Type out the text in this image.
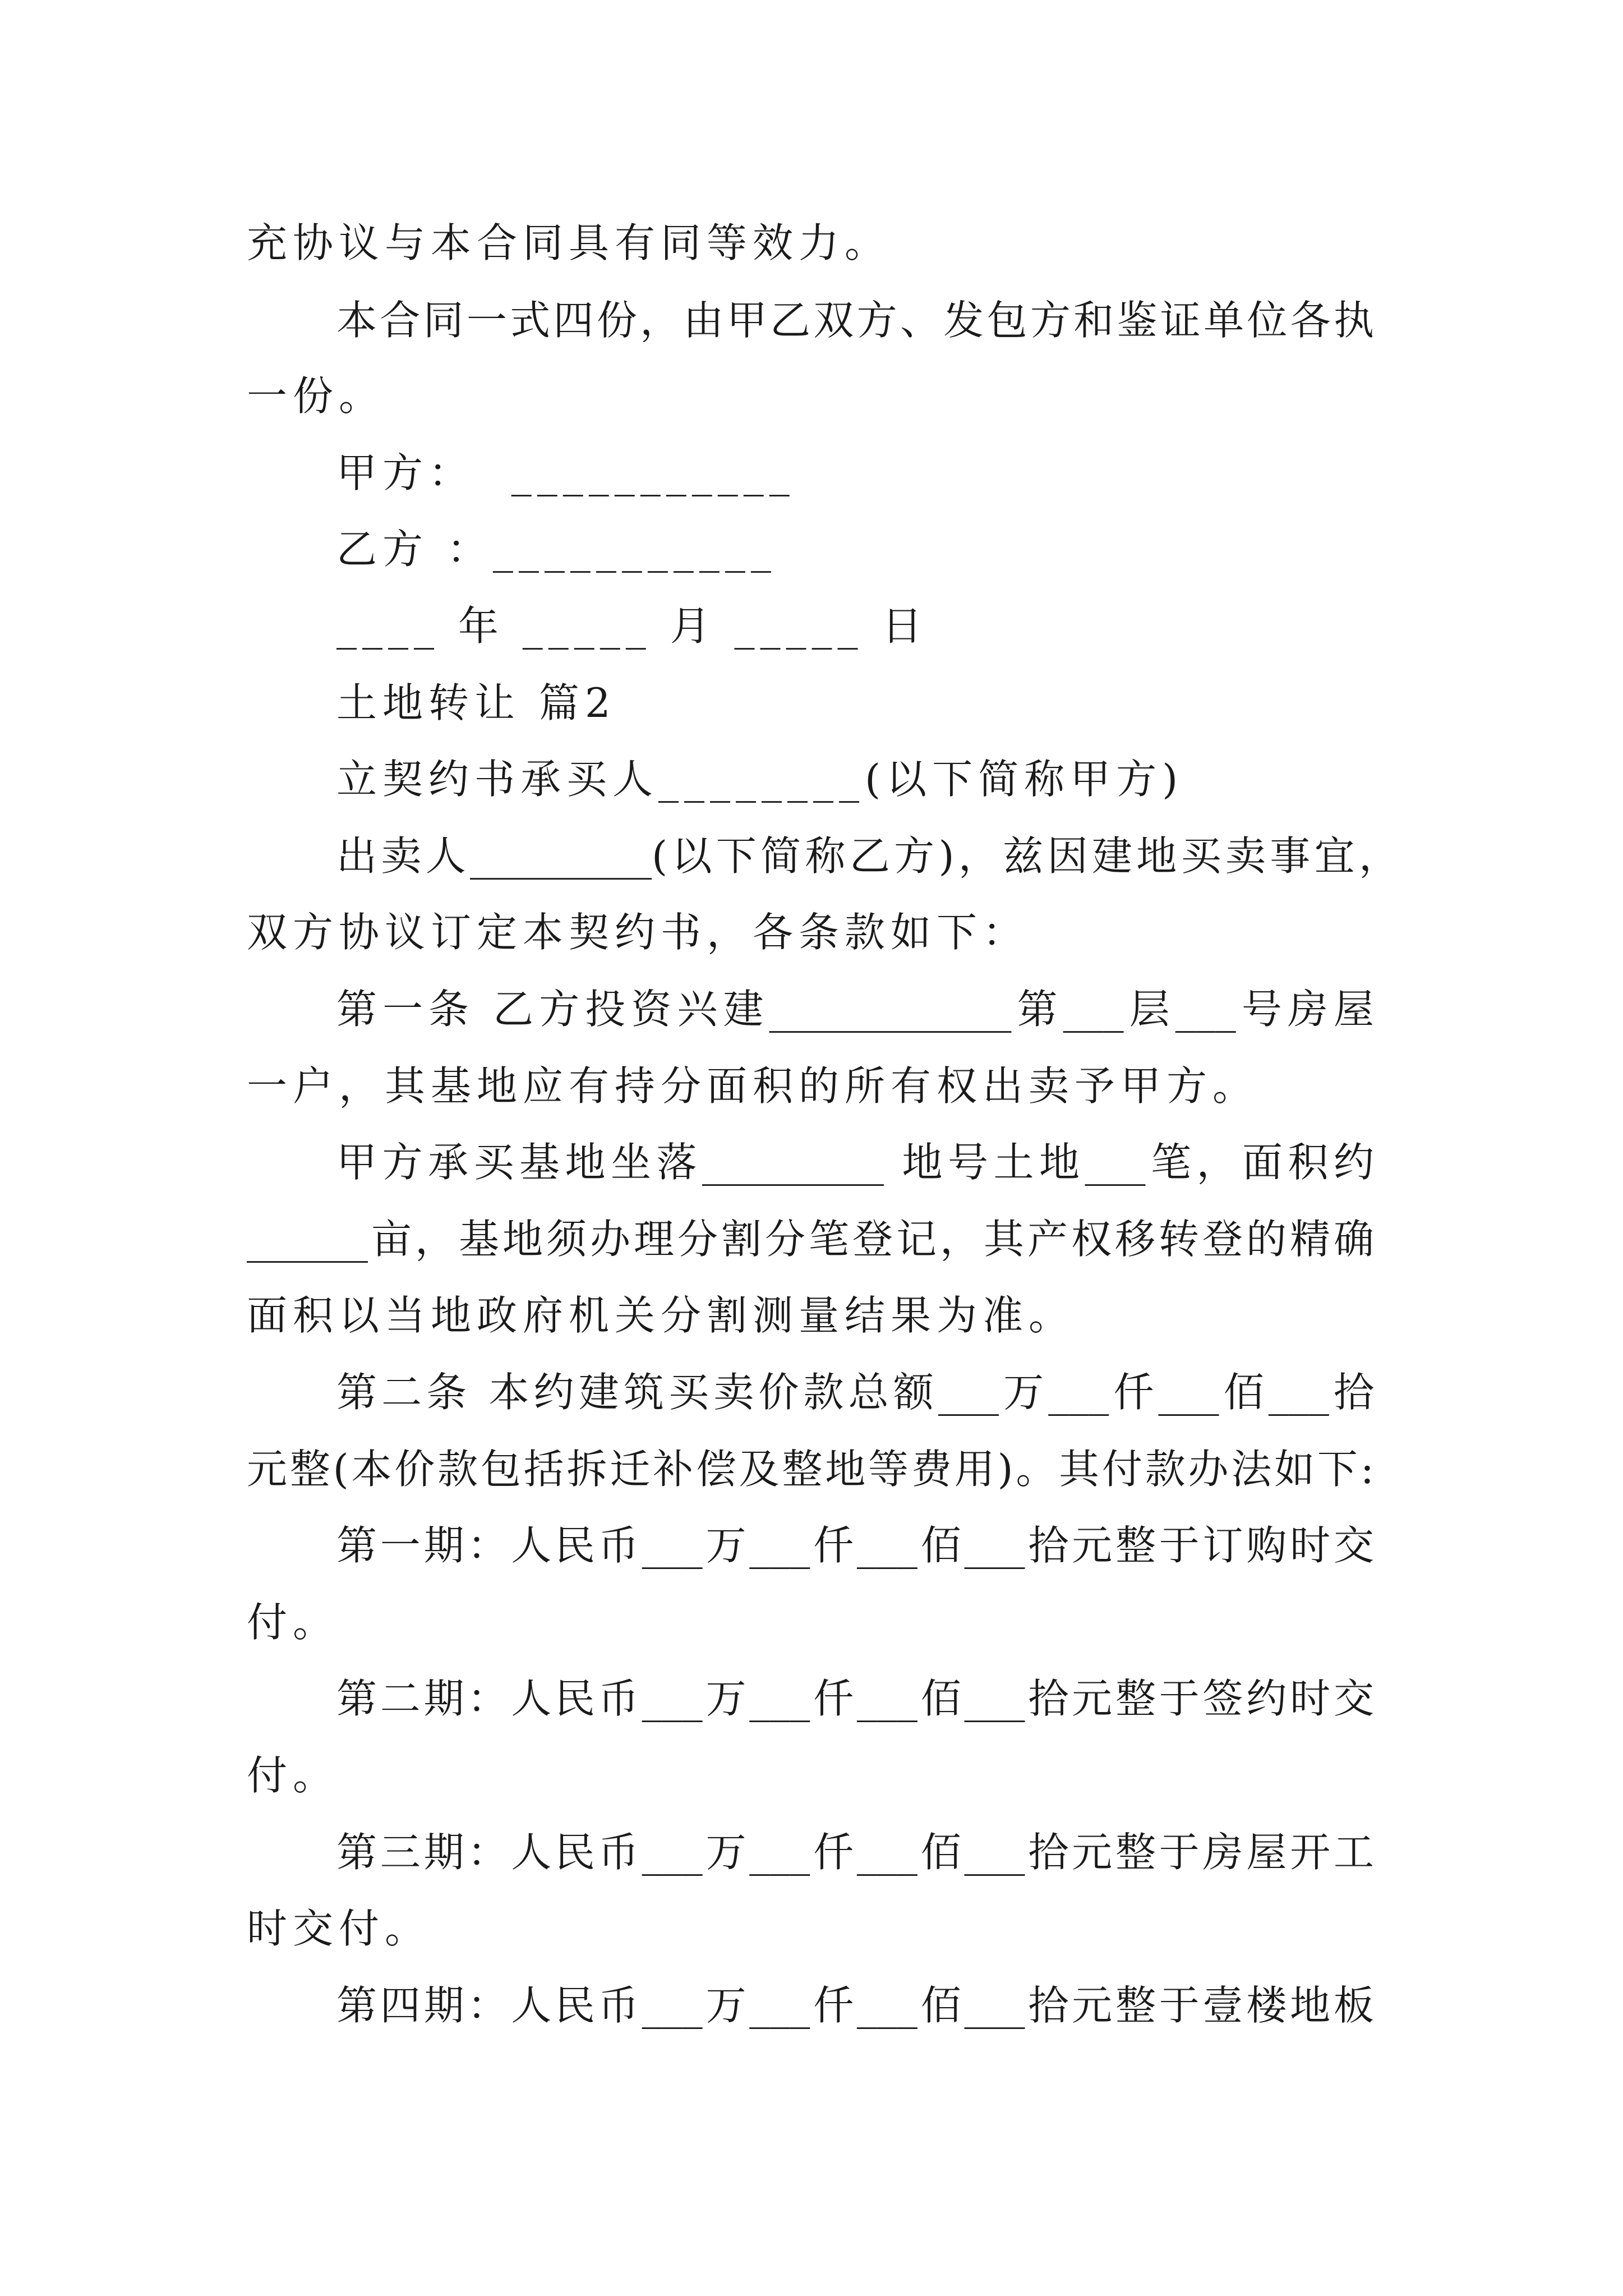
充协议与本合同具有同等效力。
本合同一式四份，由甲乙双方、发包方和鉴证单位各执
一份。
甲方：  ___________
乙方 ：___________
____ 年 _____ 月 _____ 日
土地转让 篇2
立契约书承买人________(以下简称甲方)
出卖人_________(以下简称乙方)，兹因建地买卖事宜，
双方协议订定本契约书，各条款如下：
第一条 乙方投资兴建____________第___层___号房屋
一户，其基地应有持分面积的所有权出卖予甲方。
甲方承买基地坐落_________ 地号土地___笔，面积约
______亩，基地须办理分割分笔登记，其产权移转登的精确
面积以当地政府机关分割测量结果为准。
第二条 本约建筑买卖价款总额___万___仟___佰___拾
元整(本价款包括拆迁补偿及整地等费用)。其付款办法如下:
第一期：人民币___万___仟___佰___拾元整于订购时交
付。
第二期：人民币___万___仟___佰___拾元整于签约时交
付。
第三期：人民币___万___仟___佰___拾元整于房屋开工
时交付。
第四期：人民币___万___仟___佰___拾元整于壹楼地板
